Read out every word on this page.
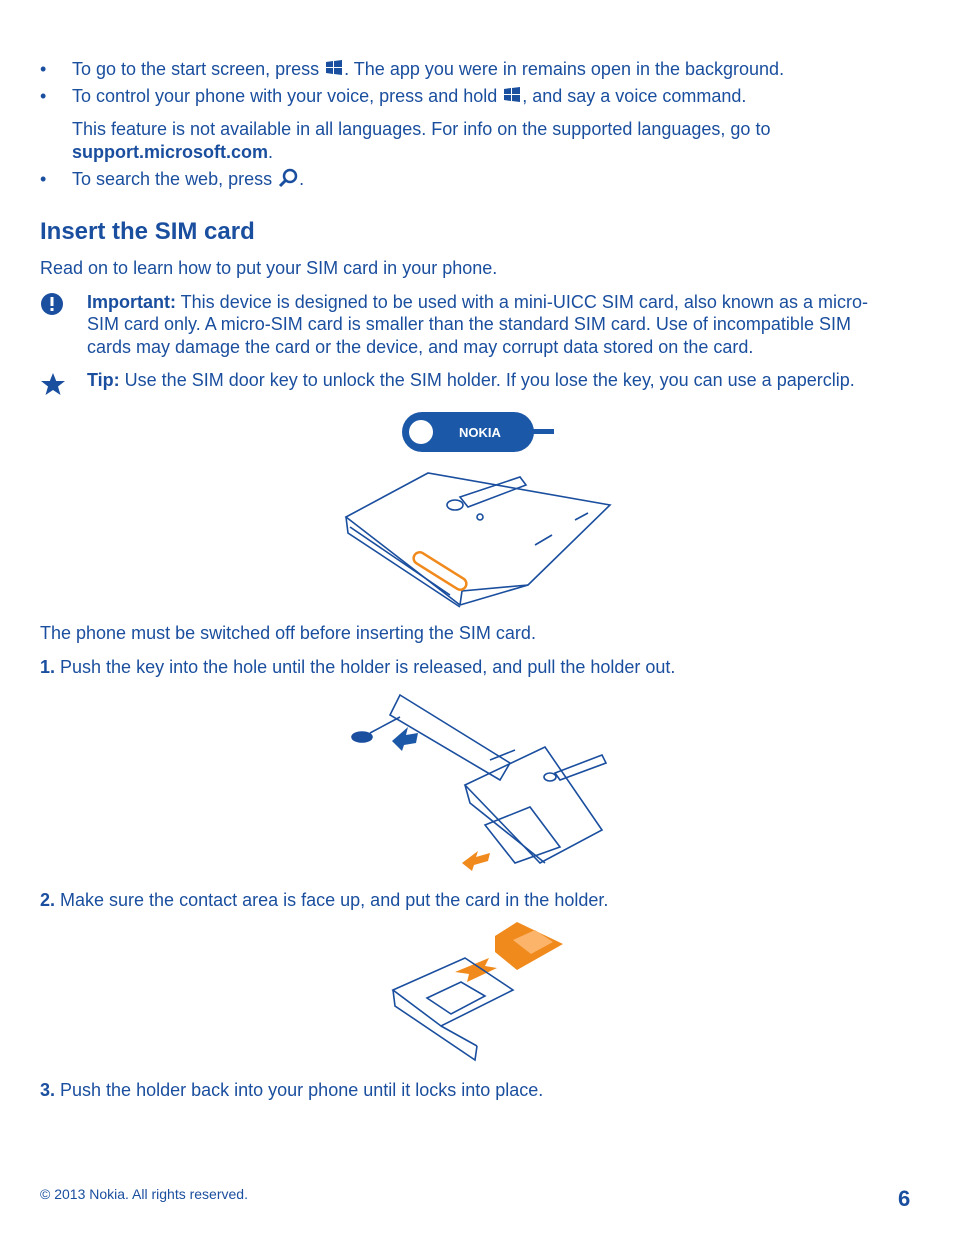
• To go to the start screen, press . The app you were in remains open in the background.
• To control your phone with your voice, press and hold , and say a voice command.
This feature is not available in all languages. For info on the supported languages, go to
support.microsoft.com.
• To search the web, press .
Insert the SIM card
Read on to learn how to put your SIM card in your phone.
Important: This device is designed to be used with a mini-UICC SIM card, also known as a micro-
SIM card only. A micro-SIM card is smaller than the standard SIM card. Use of incompatible SIM
cards may damage the card or the device, and may corrupt data stored on the card.
Tip: Use the SIM door key to unlock the SIM holder. If you lose the key, you can use a paperclip.
NOKIA
The phone must be switched off before inserting the SIM card.
1. Push the key into the hole until the holder is released, and pull the holder out.
2. Make sure the contact area is face up, and put the card in the holder.
3. Push the holder back into your phone until it locks into place.
© 2013 Nokia. All rights reserved.	6
